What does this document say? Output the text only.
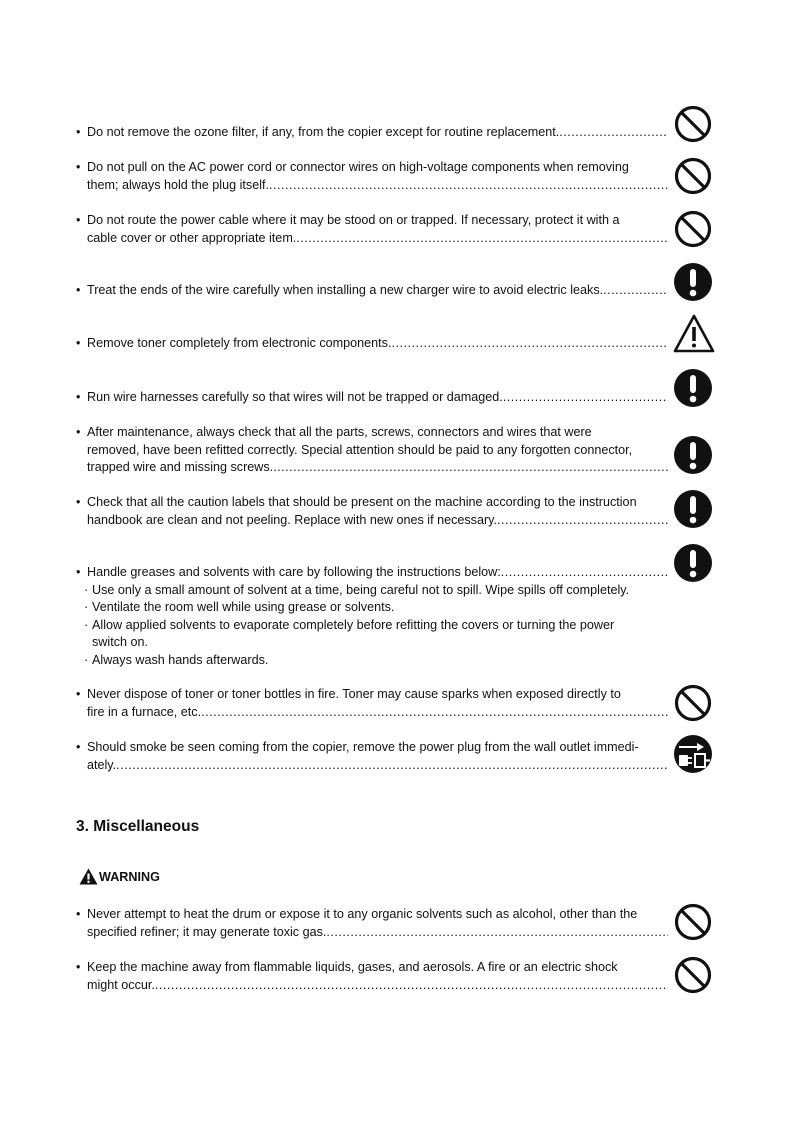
• Do not remove the ozone filter, if any, from the copier except for routine replacement.
.....
• Do not pull on the AC power cord or connector wires on high-voltage components when removing
them; always hold the plug itself.
.....
• Do not route the power cable where it may be stood on or trapped. If necessary, protect it with a
cable cover or other appropriate item.
.....
• Treat the ends of the wire carefully when installing a new charger wire to avoid electric leaks.
.....
• Remove toner completely from electronic components.
.....
• Run wire harnesses carefully so that wires will not be trapped or damaged.
.....
• After maintenance, always check that all the parts, screws, connectors and wires that were
removed, have been refitted correctly. Special attention should be paid to any forgotten connector,
trapped wire and missing screws.
.....
• Check that all the caution labels that should be present on the machine according to the instruction
handbook are clean and not peeling. Replace with new ones if necessary.
.....
• Handle greases and solvents with care by following the instructions below:
.....
· Use only a small amount of solvent at a time, being careful not to spill. Wipe spills off completely.
· Ventilate the room well while using grease or solvents.
· Allow applied solvents to evaporate completely before refitting the covers or turning the power switch on.
· Always wash hands afterwards.
• Never dispose of toner or toner bottles in fire. Toner may cause sparks when exposed directly to
fire in a furnace, etc.
.....
• Should smoke be seen coming from the copier, remove the power plug from the wall outlet immedi-
ately.
.....
3. Miscellaneous
WARNING
• Never attempt to heat the drum or expose it to any organic solvents such as alcohol, other than the
specified refiner; it may generate toxic gas.
.....
• Keep the machine away from flammable liquids, gases, and aerosols. A fire or an electric shock
might occur.
.....
